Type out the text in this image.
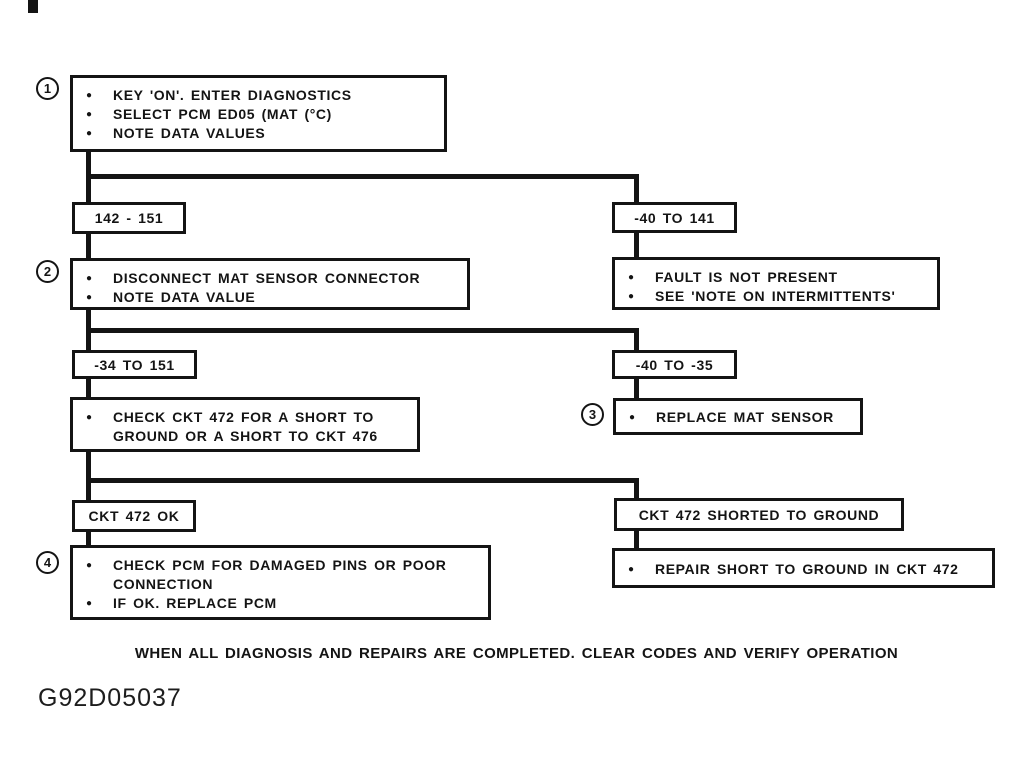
1	●	KEY 'ON'. ENTER DIAGNOSTICS
●	SELECT PCM ED05 (MAT (°C)
●	NOTE DATA VALUES
142 - 151	-40 TO 141
2	●	DISCONNECT MAT SENSOR CONNECTOR
●	NOTE DATA VALUE
●	FAULT IS NOT PRESENT
●	SEE 'NOTE ON INTERMITTENTS'
-34 TO 151	-40 TO -35
●	CHECK CKT 472 FOR A SHORT TO GROUND OR A SHORT TO CKT 476
3	●	REPLACE MAT SENSOR
CKT 472 OK	CKT 472 SHORTED TO GROUND
4	●	CHECK PCM FOR DAMAGED PINS OR POOR CONNECTION
●	IF OK. REPLACE PCM
●	REPAIR SHORT TO GROUND IN CKT 472
WHEN ALL DIAGNOSIS AND REPAIRS ARE COMPLETED. CLEAR CODES AND VERIFY OPERATION
G92D05037
